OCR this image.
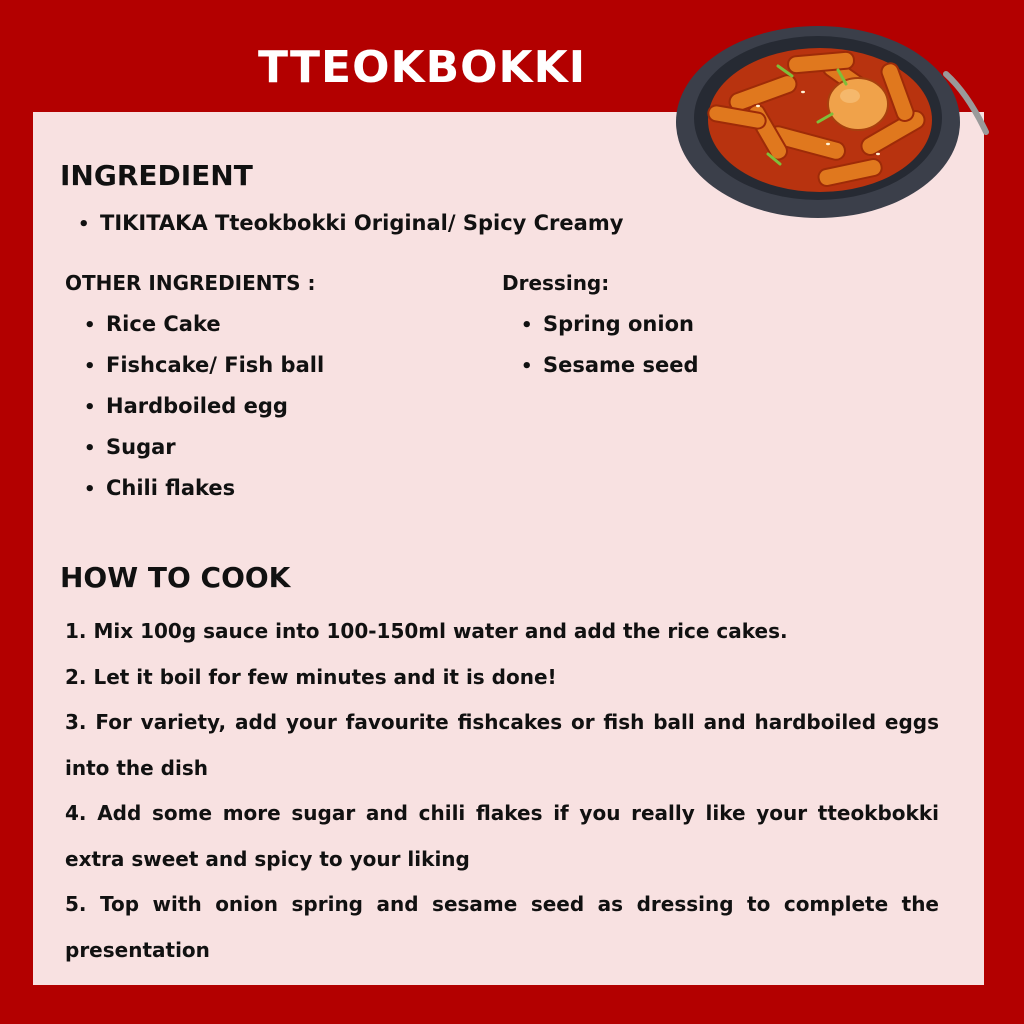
TTEOKBOKKI
INGREDIENT
• TIKITAKA Tteokbokki Original/ Spicy Creamy
OTHER INGREDIENTS :
• Rice Cake
• Fishcake/ Fish ball
• Hardboiled egg
• Sugar
• Chili flakes
Dressing:
• Spring onion
• Sesame seed
HOW TO COOK
1. Mix 100g sauce into 100-150ml water and add the rice cakes.
2. Let it boil for few minutes and it is done!
3. For variety, add your favourite fishcakes or fish ball and hardboiled eggs into the dish
4. Add some more sugar and chili flakes if you really like your tteokbokki extra sweet and spicy to your liking
5. Top with onion spring and sesame seed as dressing to complete the presentation
